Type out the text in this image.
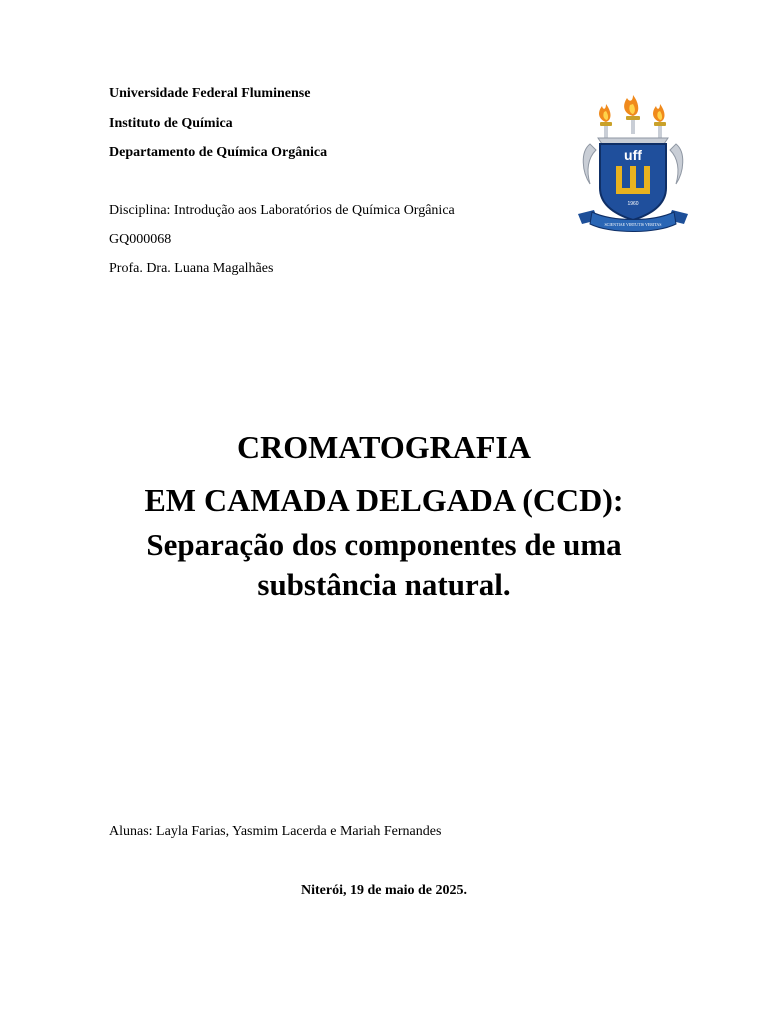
Universidade Federal Fluminense
Instituto de Química
Departamento de Química Orgânica
Disciplina: Introdução aos Laboratórios de Química Orgânica
GQ000068
Profa. Dra. Luana Magalhães
uff
1960
SCIENTIAE VIRTUTIS VERITAS
CROMATOGRAFIA
EM CAMADA DELGADA (CCD):
Separação dos componentes de uma
substância natural.
Alunas: Layla Farias, Yasmim Lacerda e Mariah Fernandes
Niterói, 19 de maio de 2025.
